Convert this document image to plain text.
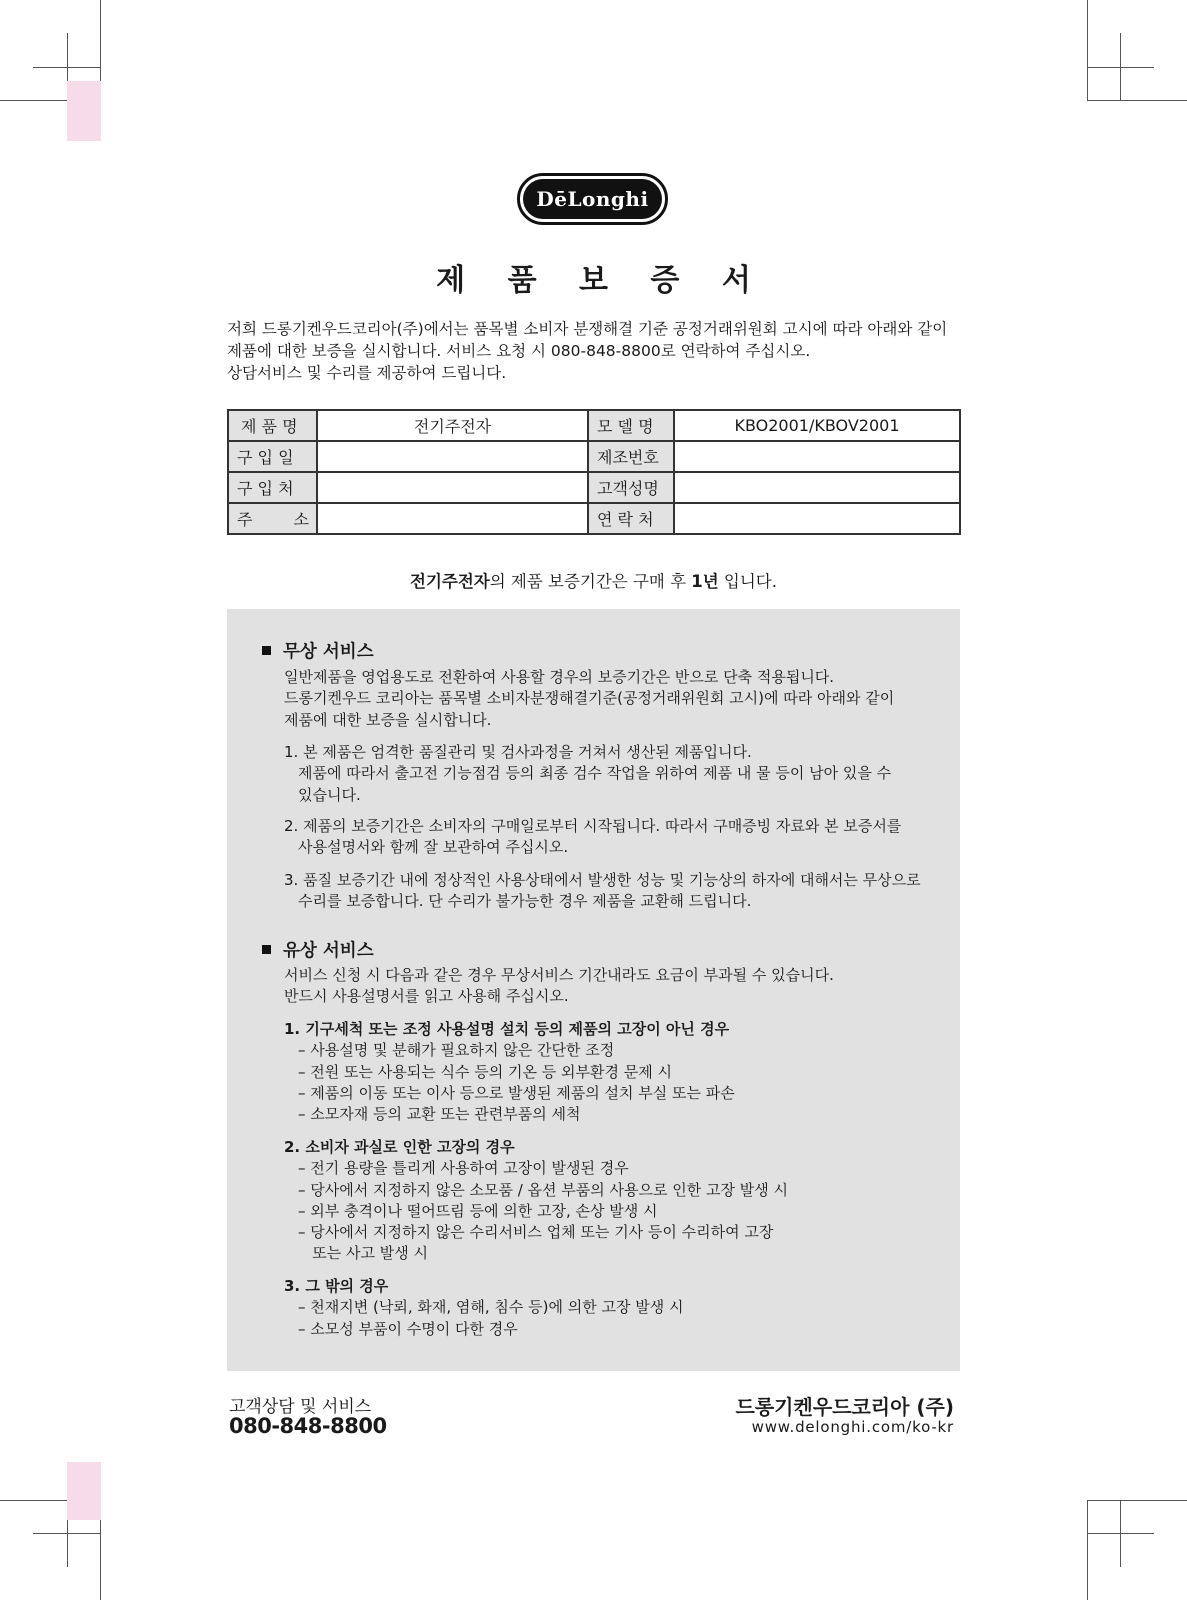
DēLonghi
제 품 보 증 서
저희 드롱기켄우드코리아(주)에서는 품목별 소비자 분쟁해결 기준 공정거래위원회 고시에 따라 아래와 같이
제품에 대한 보증을 실시합니다. 서비스 요청 시 080-848-8800로 연락하여 주십시오.
상담서비스 및 수리를 제공하여 드립니다.
제 품 명	전기주전자	모 델 명	KBO2001/KBOV2001
구 입 일		제조번호	
구 입 처		고객성명	
주 소		연 락 처	
전기주전자의 제품 보증기간은 구매 후 1년 입니다.
무상 서비스
일반제품을 영업용도로 전환하여 사용할 경우의 보증기간은 반으로 단축 적용됩니다.
드롱기켄우드 코리아는 품목별 소비자분쟁해결기준(공정거래위원회 고시)에 따라 아래와 같이
제품에 대한 보증을 실시합니다.
1. 본 제품은 엄격한 품질관리 및 검사과정을 거쳐서 생산된 제품입니다.
제품에 따라서 출고전 기능점검 등의 최종 검수 작업을 위하여 제품 내 물 등이 남아 있을 수
있습니다.
2. 제품의 보증기간은 소비자의 구매일로부터 시작됩니다. 따라서 구매증빙 자료와 본 보증서를
사용설명서와 함께 잘 보관하여 주십시오.
3. 품질 보증기간 내에 정상적인 사용상태에서 발생한 성능 및 기능상의 하자에 대해서는 무상으로
수리를 보증합니다. 단 수리가 불가능한 경우 제품을 교환해 드립니다.
유상 서비스
서비스 신청 시 다음과 같은 경우 무상서비스 기간내라도 요금이 부과될 수 있습니다.
반드시 사용설명서를 읽고 사용해 주십시오.
1. 기구세척 또는 조정 사용설명 설치 등의 제품의 고장이 아닌 경우
– 사용설명 및 분해가 필요하지 않은 간단한 조정
– 전원 또는 사용되는 식수 등의 기온 등 외부환경 문제 시
– 제품의 이동 또는 이사 등으로 발생된 제품의 설치 부실 또는 파손
– 소모자재 등의 교환 또는 관련부품의 세척
2. 소비자 과실로 인한 고장의 경우
– 전기 용량을 틀리게 사용하여 고장이 발생된 경우
– 당사에서 지정하지 않은 소모품 / 옵션 부품의 사용으로 인한 고장 발생 시
– 외부 충격이나 떨어뜨림 등에 의한 고장, 손상 발생 시
– 당사에서 지정하지 않은 수리서비스 업체 또는 기사 등이 수리하여 고장
또는 사고 발생 시
3. 그 밖의 경우
– 천재지변 (낙뢰, 화재, 염해, 침수 등)에 의한 고장 발생 시
– 소모성 부품이 수명이 다한 경우
고객상담 및 서비스
080-848-8800
드롱기켄우드코리아 (주)
www.delonghi.com/ko-kr
